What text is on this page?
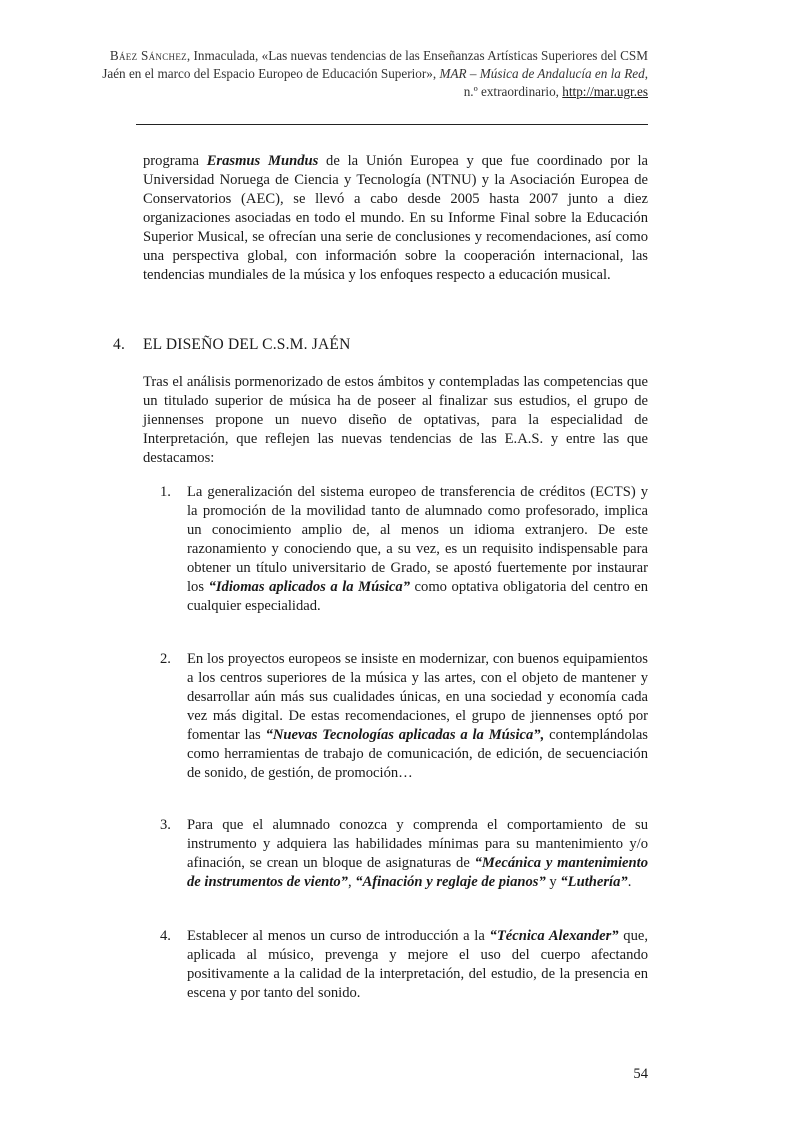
Báez Sánchez, Inmaculada, «Las nuevas tendencias de las Enseñanzas Artísticas Superiores del CSM Jaén en el marco del Espacio Europeo de Educación Superior», MAR – Música de Andalucía en la Red, n.º extraordinario, http://mar.ugr.es

programa Erasmus Mundus de la Unión Europea y que fue coordinado por la Universidad Noruega de Ciencia y Tecnología (NTNU) y la Asociación Europea de Conservatorios (AEC), se llevó a cabo desde 2005 hasta 2007 junto a diez organizaciones asociadas en todo el mundo. En su Informe Final sobre la Educación Superior Musical, se ofrecían una serie de conclusiones y recomendaciones, así como una perspectiva global, con información sobre la cooperación internacional, las tendencias mundiales de la música y los enfoques respecto a educación musical.

4. EL DISEÑO DEL C.S.M. JAÉN

Tras el análisis pormenorizado de estos ámbitos y contempladas las competencias que un titulado superior de música ha de poseer al finalizar sus estudios, el grupo de jiennenses propone un nuevo diseño de optativas, para la especialidad de Interpretación, que reflejen las nuevas tendencias de las E.A.S. y entre las que destacamos:

1.	La generalización del sistema europeo de transferencia de créditos (ECTS) y la promoción de la movilidad tanto de alumnado como profesorado, implica un conocimiento amplio de, al menos un idioma extranjero. De este razonamiento y conociendo que, a su vez, es un requisito indispensable para obtener un título universitario de Grado, se apostó fuertemente por instaurar los “Idiomas aplicados a la Música” como optativa obligatoria del centro en cualquier especialidad.
2.	En los proyectos europeos se insiste en modernizar, con buenos equipamientos a los centros superiores de la música y las artes, con el objeto de mantener y desarrollar aún más sus cualidades únicas, en una sociedad y economía cada vez más digital. De estas recomendaciones, el grupo de jiennenses optó por fomentar las “Nuevas Tecnologías aplicadas a la Música”, contemplándolas como herramientas de trabajo de comunicación, de edición, de secuenciación de sonido, de gestión, de promoción…
3.	Para que el alumnado conozca y comprenda el comportamiento de su instrumento y adquiera las habilidades mínimas para su mantenimiento y/o afinación, se crean un bloque de asignaturas de “Mecánica y mantenimiento de instrumentos de viento”, “Afinación y reglaje de pianos” y “Luthería”.
4.	Establecer al menos un curso de introducción a la “Técnica Alexander” que, aplicada al músico, prevenga y mejore el uso del cuerpo afectando positivamente a la calidad de la interpretación, del estudio, de la presencia en escena y por tanto del sonido.
54
